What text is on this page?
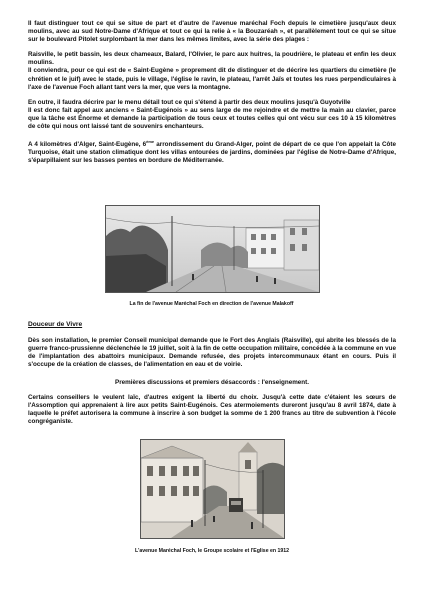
Il faut distinguer tout ce qui se situe de part et d'autre de l'avenue maréchal Foch depuis le cimetière jusqu'aux deux moulins, avec au sud Notre-Dame d'Afrique et tout ce qui la relie à « la Bouzaréah », et parallèlement tout ce qui se situe sur le boulevard Pitolet surplombant la mer dans les mêmes limites, avec la série des plages :

Raisville, le petit bassin, les deux chameaux, Balard, l'Olivier, le parc aux huitres, la poudrière, le plateau et enfin les deux moulins.

Il conviendra, pour ce qui est de « Saint-Eugène » proprement dit de distinguer et de décrire les quartiers du cimetière (le chrétien et le juif) avec le stade, puis le village, l'église le ravin, le plateau, l'arrêt Jaïs et toutes les rues perpendiculaires à l'axe de l'avenue Foch allant tant vers la mer, que vers la montagne.

En outre, il faudra décrire par le menu détail tout ce qui s'étend à partir des deux moulins jusqu'à Guyotville

Il est donc fait appel aux anciens « Saint-Eugénois » au sens large de me rejoindre et de mettre la main au clavier, parce que la tâche est Énorme et demande la participation de tous ceux et toutes celles qui ont vécu sur ces 10 à 15 kilomètres de côte qui nous ont laissé tant de souvenirs enchanteurs.

A 4 kilomètres d'Alger, Saint-Eugène, 6ème arrondissement du Grand-Alger, point de départ de ce que l'on appelait la Côte Turquoise, était une station climatique dont les villas entourées de jardins, dominées par l'église de Notre-Dame d'Afrique, s'éparpillaient sur les basses pentes en bordure de Méditerranée.

La fin de l'avenue Maréchal Foch en direction de l'avenue Malakoff

Douceur de Vivre

Dès son installation, le premier Conseil municipal demande que le Fort des Anglais (Raisville), qui abrite les blessés de la guerre franco-prussienne déclenchée le 19 juillet, soit à la fin de cette occupation militaire, concédée à la commune en vue de l'implantation des abattoirs municipaux. Demande refusée, des projets intercommunaux étant en cours. Puis il s'occupe de la création de classes, de l'alimentation en eau et de voirie.

Premières discussions et premiers désaccords : l'enseignement.

Certains conseillers le veulent laïc, d'autres exigent la liberté du choix. Jusqu'à cette date c'étaient les sœurs de l'Assomption qui apprenaient à lire aux petits Saint-Eugénois. Ces atermoiements dureront jusqu'au 8 avril 1874, date à laquelle le préfet autorisera la commune à inscrire à son budget la somme de 1 200 francs au titre de subvention à l'école congréganiste.

L'avenue Maréchal Foch, le Groupe scolaire et l'Eglise en 1912
